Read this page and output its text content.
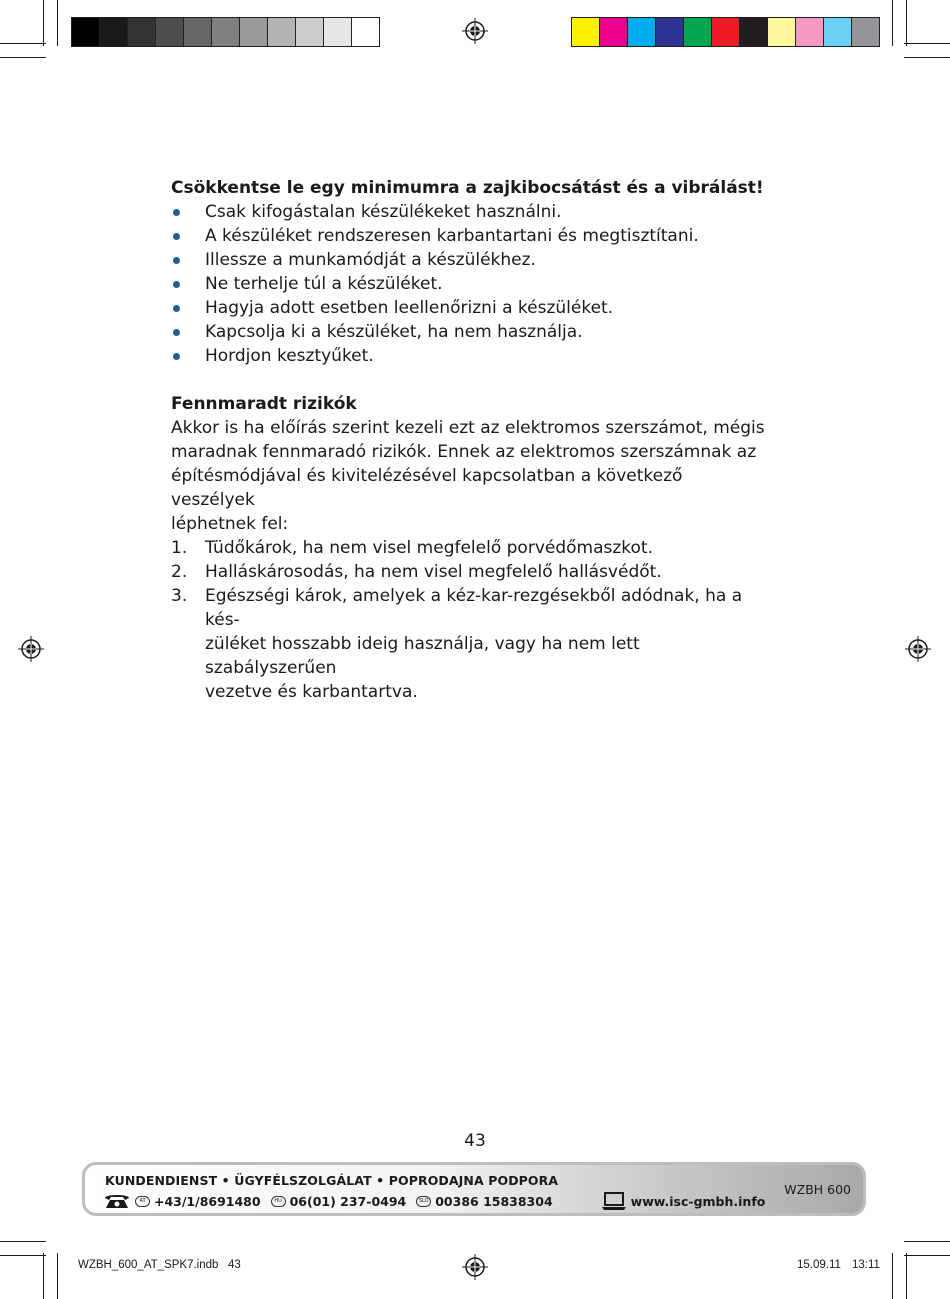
Csökkentse le egy minimumra a zajkibocsátást és a vibrálást!
Csak kifogástalan készülékeket használni.
A készüléket rendszeresen karbantartani és megtisztítani.
Illessze a munkamódját a készülékhez.
Ne terhelje túl a készüléket.
Hagyja adott esetben leellenőrizni a készüléket.
Kapcsolja ki a készüléket, ha nem használja.
Hordjon kesztyűket.
Fennmaradt rizikók
Akkor is ha előírás szerint kezeli ezt az elektromos szerszámot, mégis
maradnak fennmaradó rizikók. Ennek az elektromos szerszámnak az
építésmódjával és kivitelézésével kapcsolatban a következő veszélyek
léphetnek fel:
1. Tüdőkárok, ha nem visel megfelelő porvédőmaszkot.
2. Halláskárosodás, ha nem visel megfelelő hallásvédőt.
3. Egészségi károk, amelyek a kéz-kar-rezgésekből adódnak, ha a kés-
züléket hosszabb ideig használja, vagy ha nem lett szabályszerűen
vezetve és karbantartva.
43
KUNDENDIENST • ÜGYFÉLSZOLGÁLAT • POPRODAJNA PODPORA
AT +43/1/8691480	HU 06(01) 237-0494	SLO 00386 15838304	www.isc-gmbh.info
WZBH 600
WZBH_600_AT_SPK7.indb   43	15.09.11 13:11
